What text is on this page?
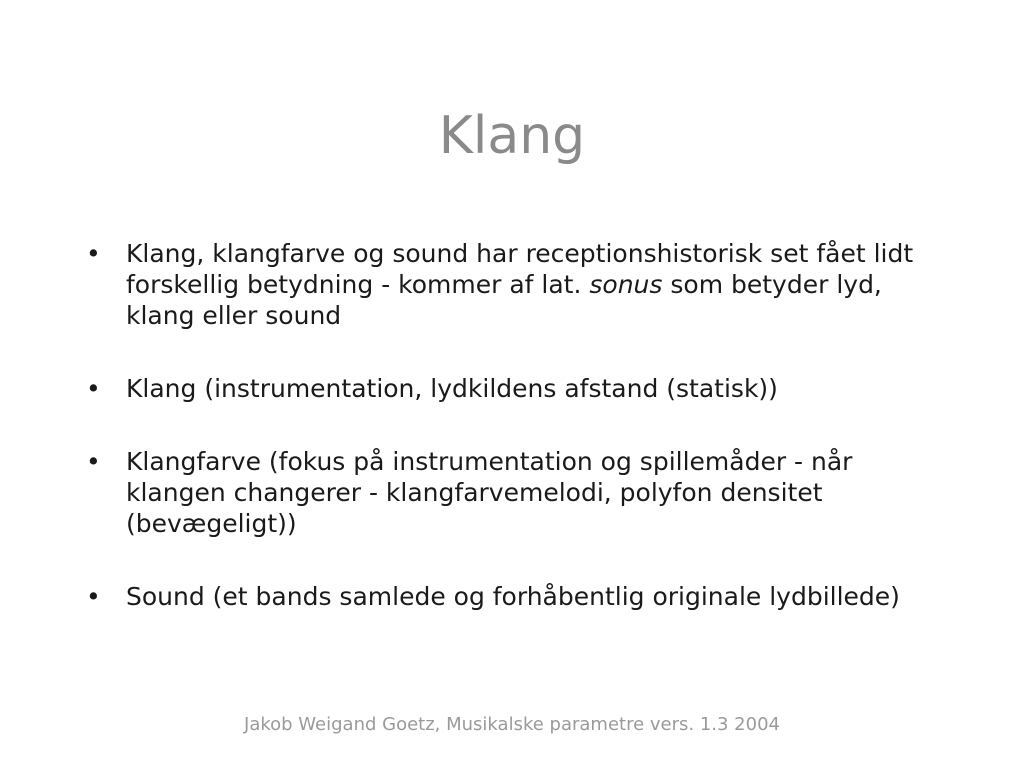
Klang
• Klang, klangfarve og sound har receptionshistorisk set fået lidt forskellig betydning - kommer af lat. sonus som betyder lyd, klang eller sound
• Klang (instrumentation, lydkildens afstand (statisk))
• Klangfarve (fokus på instrumentation og spillemåder - når klangen changerer - klangfarvemelodi, polyfon densitet (bevægeligt))
• Sound (et bands samlede og forhåbentlig originale lydbillede)
Jakob Weigand Goetz, Musikalske parametre vers. 1.3 2004
